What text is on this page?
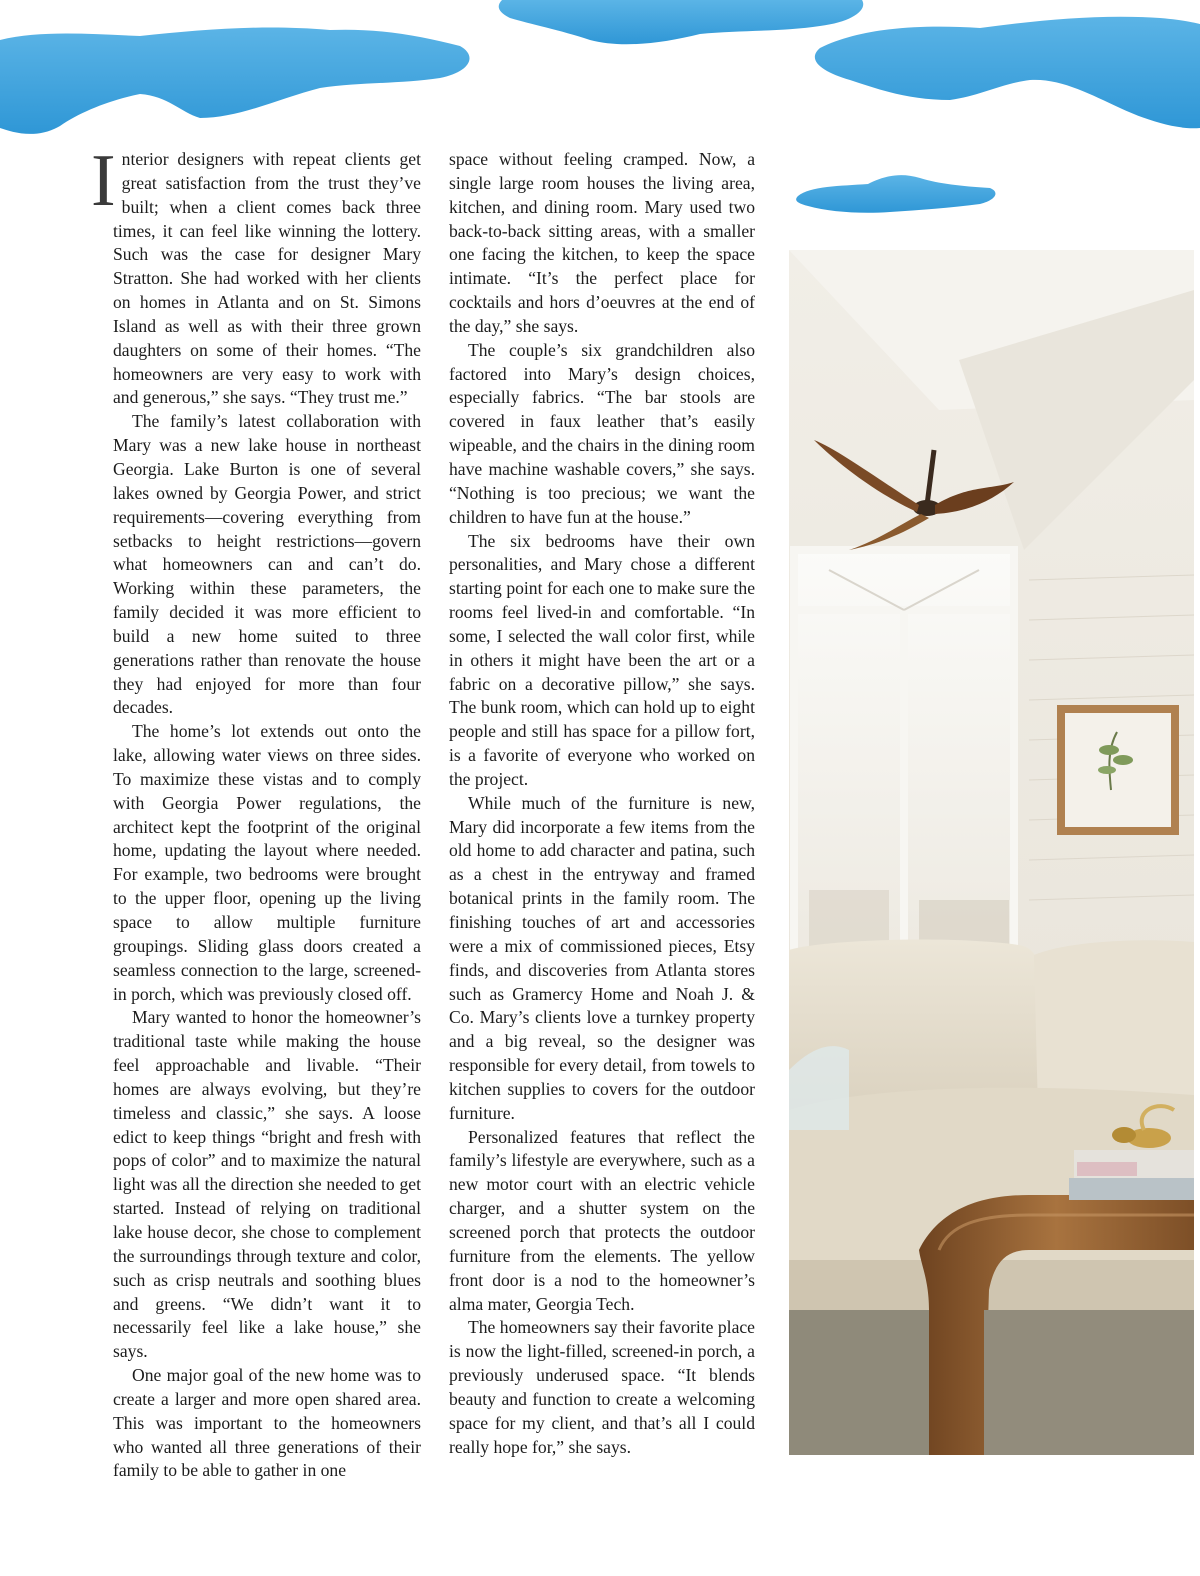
Interior designers with repeat clients get great satisfaction from the trust they’ve built; when a client comes back three times, it can feel like winning the lottery. Such was the case for designer Mary Stratton. She had worked with her clients on homes in Atlanta and on St. Simons Island as well as with their three grown daughters on some of their homes. “The homeowners are very easy to work with and generous,” she says. “They trust me.”

The family’s latest collaboration with Mary was a new lake house in northeast Georgia. Lake Burton is one of several lakes owned by Georgia Power, and strict requirements—covering everything from setbacks to height restrictions—govern what homeowners can and can’t do. Working within these parameters, the family decided it was more efficient to build a new home suited to three generations rather than renovate the house they had enjoyed for more than four decades.

The home’s lot extends out onto the lake, allowing water views on three sides. To maximize these vistas and to comply with Georgia Power regulations, the architect kept the footprint of the original home, updating the layout where needed. For example, two bedrooms were brought to the upper floor, opening up the living space to allow multiple furniture groupings. Sliding glass doors created a seamless connection to the large, screened-in porch, which was previously closed off.

Mary wanted to honor the homeowner’s traditional taste while making the house feel approachable and livable. “Their homes are always evolving, but they’re timeless and classic,” she says. A loose edict to keep things “bright and fresh with pops of color” and to maximize the natural light was all the direction she needed to get started. Instead of relying on traditional lake house decor, she chose to complement the surroundings through texture and color, such as crisp neutrals and soothing blues and greens. “We didn’t want it to necessarily feel like a lake house,” she says.

One major goal of the new home was to create a larger and more open shared area. This was important to the homeowners who wanted all three generations of their family to be able to gather in one

space without feeling cramped. Now, a single large room houses the living area, kitchen, and dining room. Mary used two back-to-back sitting areas, with a smaller one facing the kitchen, to keep the space intimate. “It’s the perfect place for cocktails and hors d’oeuvres at the end of the day,” she says.

The couple’s six grandchildren also factored into Mary’s design choices, especially fabrics. “The bar stools are covered in faux leather that’s easily wipeable, and the chairs in the dining room have machine washable covers,” she says. “Nothing is too precious; we want the children to have fun at the house.”

The six bedrooms have their own personalities, and Mary chose a different starting point for each one to make sure the rooms feel lived-in and comfortable. “In some, I selected the wall color first, while in others it might have been the art or a fabric on a decorative pillow,” she says. The bunk room, which can hold up to eight people and still has space for a pillow fort, is a favorite of everyone who worked on the project.

While much of the furniture is new, Mary did incorporate a few items from the old home to add character and patina, such as a chest in the entryway and framed botanical prints in the family room. The finishing touches of art and accessories were a mix of commissioned pieces, Etsy finds, and discoveries from Atlanta stores such as Gramercy Home and Noah J. & Co. Mary’s clients love a turnkey property and a big reveal, so the designer was responsible for every detail, from towels to kitchen supplies to covers for the outdoor furniture.

Personalized features that reflect the family’s lifestyle are everywhere, such as a new motor court with an electric vehicle charger, and a shutter system on the screened porch that protects the outdoor furniture from the elements. The yellow front door is a nod to the homeowner’s alma mater, Georgia Tech.

The homeowners say their favorite place is now the light-filled, screened-in porch, a previously underused space. “It blends beauty and function to create a welcoming space for my client, and that’s all I could really hope for,” she says.
